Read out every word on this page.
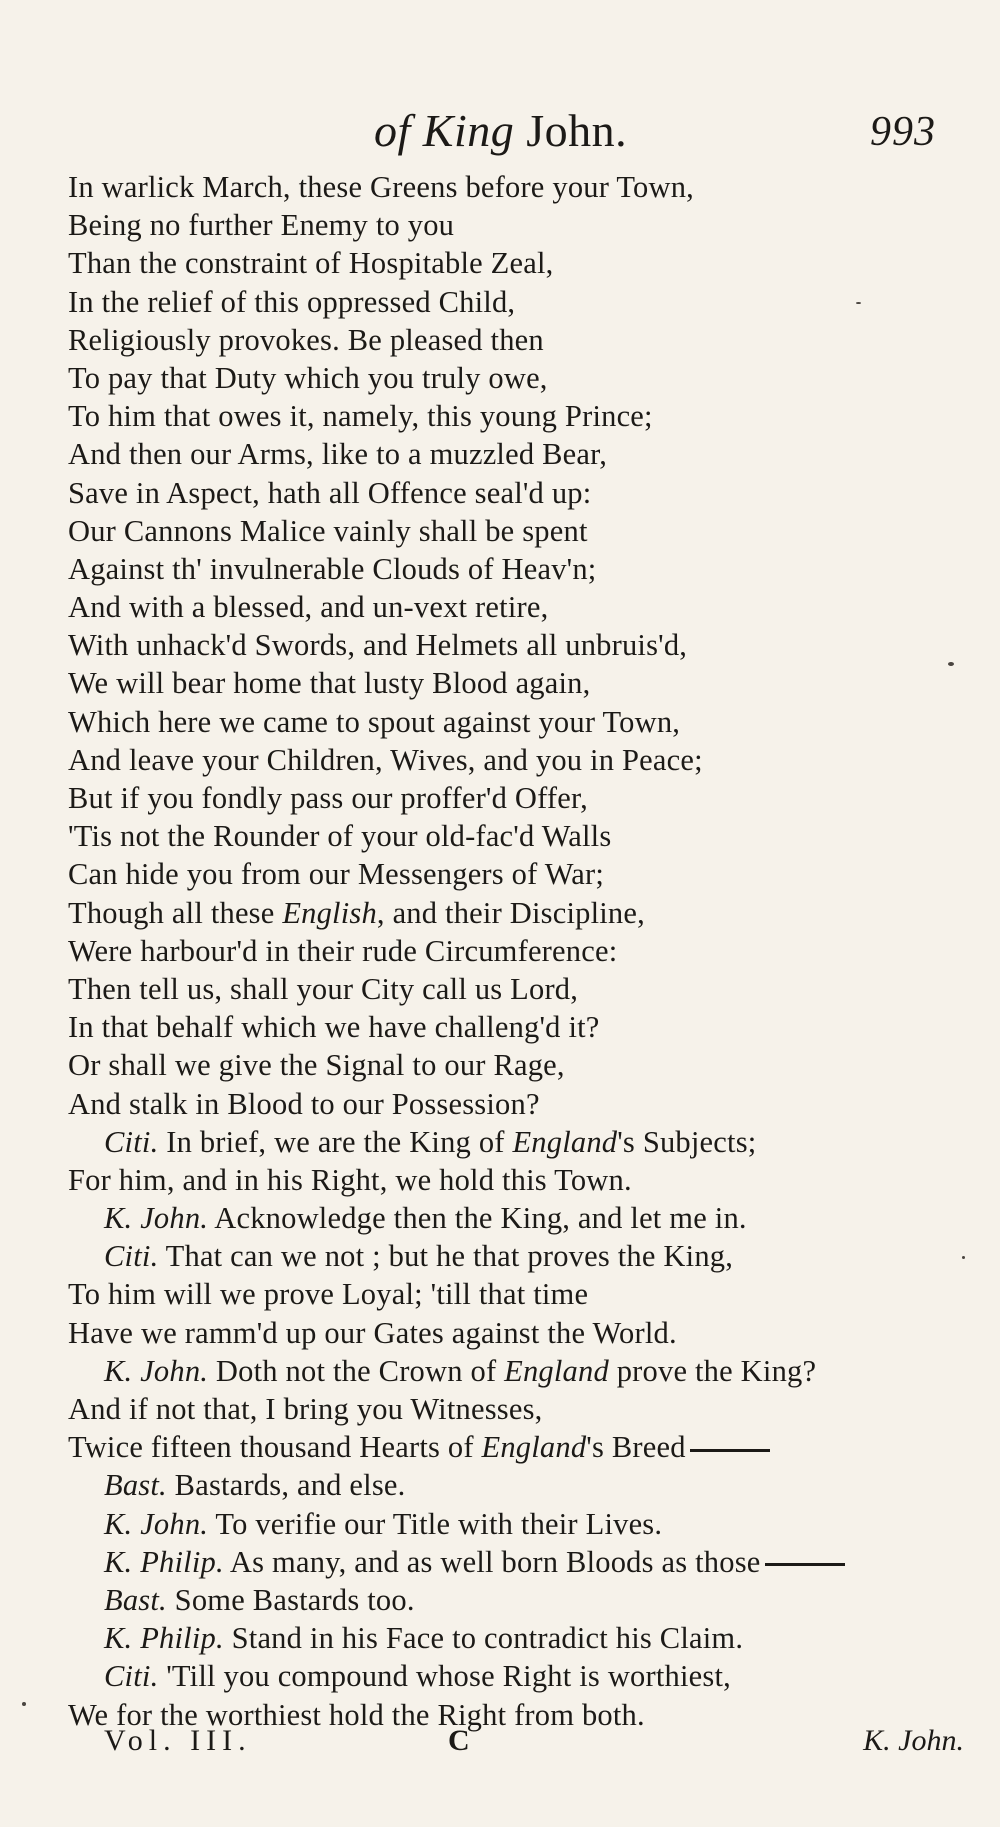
of King John.	993
In warlick March, these Greens before your Town,
Being no further Enemy to you
Than the constraint of Hospitable Zeal,
In the relief of this oppressed Child,
Religiously provokes. Be pleased then
To pay that Duty which you truly owe,
To him that owes it, namely, this young Prince;
And then our Arms, like to a muzzled Bear,
Save in Aspect, hath all Offence seal'd up:
Our Cannons Malice vainly shall be spent
Against th' invulnerable Clouds of Heav'n;
And with a blessed, and un-vext retire,
With unhack'd Swords, and Helmets all unbruis'd,
We will bear home that lusty Blood again,
Which here we came to spout against your Town,
And leave your Children, Wives, and you in Peace;
But if you fondly pass our proffer'd Offer,
'Tis not the Rounder of your old-fac'd Walls
Can hide you from our Messengers of War;
Though all these English, and their Discipline,
Were harbour'd in their rude Circumference:
Then tell us, shall your City call us Lord,
In that behalf which we have challeng'd it?
Or shall we give the Signal to our Rage,
And stalk in Blood to our Possession?
Citi. In brief, we are the King of England's Subjects;
For him, and in his Right, we hold this Town.
K. John. Acknowledge then the King, and let me in.
Citi. That can we not ; but he that proves the King,
To him will we prove Loyal; 'till that time
Have we ramm'd up our Gates against the World.
K. John. Doth not the Crown of England prove the King?
And if not that, I bring you Witnesses,
Twice fifteen thousand Hearts of England's Breed
Bast. Bastards, and else.
K. John. To verifie our Title with their Lives.
K. Philip. As many, and as well born Bloods as those
Bast. Some Bastards too.
K. Philip. Stand in his Face to contradict his Claim.
Citi. 'Till you compound whose Right is worthiest,
We for the worthiest hold the Right from both.
Vol. III.	C	K. John.
